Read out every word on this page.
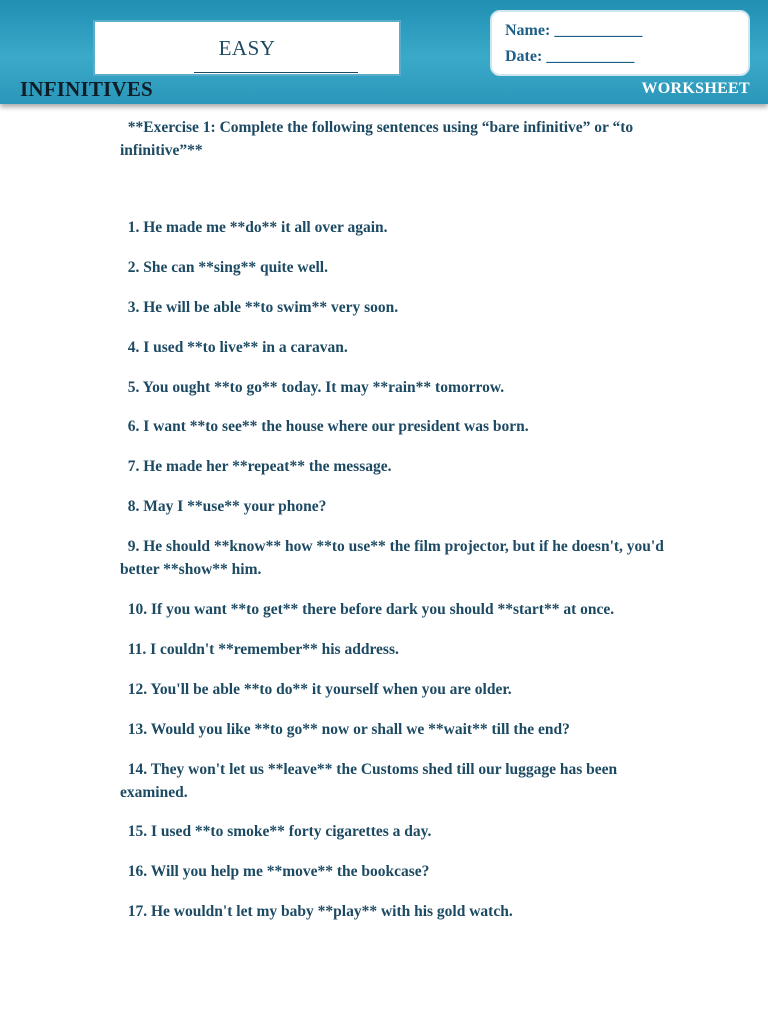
EASY
Name: ___________
Date: ___________
INFINITIVES	WORKSHEET
**Exercise 1: Complete the following sentences using “bare infinitive” or “to infinitive”**
1. He made me **do** it all over again.
2. She can **sing** quite well.
3. He will be able **to swim** very soon.
4. I used **to live** in a caravan.
5. You ought **to go** today. It may **rain** tomorrow.
6. I want **to see** the house where our president was born.
7. He made her **repeat** the message.
8. May I **use** your phone?
9. He should **know** how **to use** the film projector, but if he doesn't, you'd better **show** him.
10. If you want **to get** there before dark you should **start** at once.
11. I couldn't **remember** his address.
12. You'll be able **to do** it yourself when you are older.
13. Would you like **to go** now or shall we **wait** till the end?
14. They won't let us **leave** the Customs shed till our luggage has been examined.
15. I used **to smoke** forty cigarettes a day.
16. Will you help me **move** the bookcase?
17. He wouldn't let my baby **play** with his gold watch.
